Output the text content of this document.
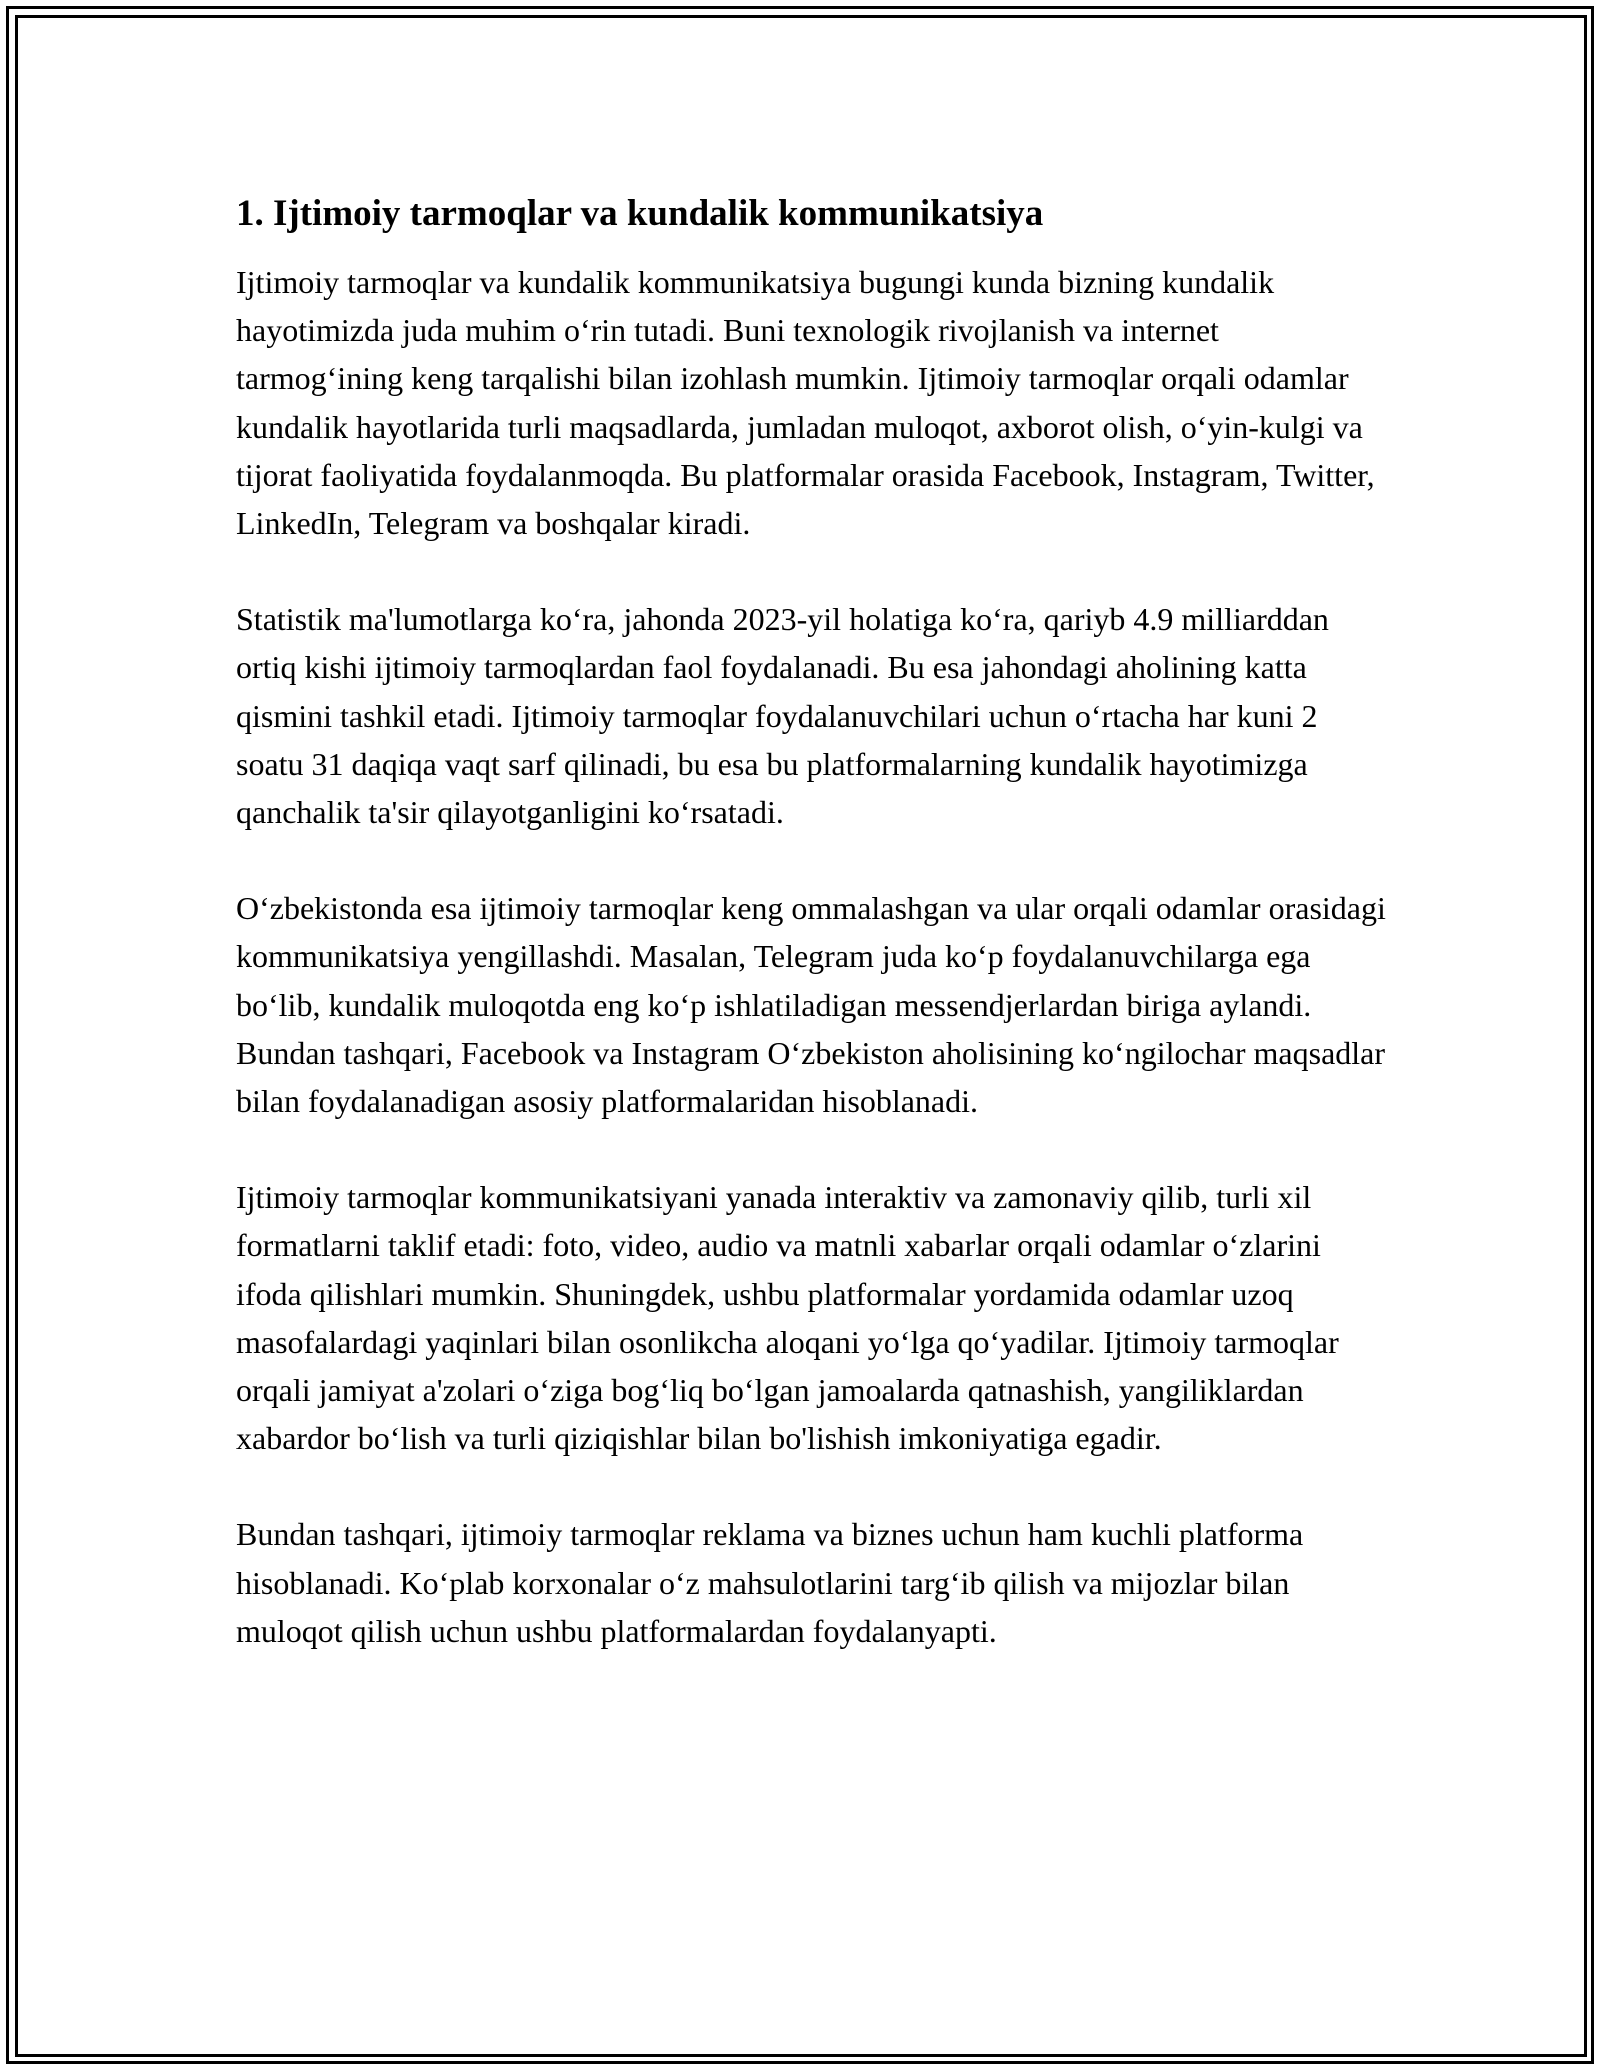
1. Ijtimoiy tarmoqlar va kundalik kommunikatsiya

Ijtimoiy tarmoqlar va kundalik kommunikatsiya bugungi kunda bizning kundalik hayotimizda juda muhim oʻrin tutadi. Buni texnologik rivojlanish va internet tarmogʻining keng tarqalishi bilan izohlash mumkin. Ijtimoiy tarmoqlar orqali odamlar kundalik hayotlarida turli maqsadlarda, jumladan muloqot, axborot olish, oʻyin-kulgi va tijorat faoliyatida foydalanmoqda. Bu platformalar orasida Facebook, Instagram, Twitter, LinkedIn, Telegram va boshqalar kiradi.

Statistik ma'lumotlarga koʻra, jahonda 2023-yil holatiga koʻra, qariyb 4.9 milliarddan ortiq kishi ijtimoiy tarmoqlardan faol foydalanadi. Bu esa jahondagi aholining katta qismini tashkil etadi. Ijtimoiy tarmoqlar foydalanuvchilari uchun oʻrtacha har kuni 2 soatu 31 daqiqa vaqt sarf qilinadi, bu esa bu platformalarning kundalik hayotimizga qanchalik ta'sir qilayotganligini koʻrsatadi.

Oʻzbekistonda esa ijtimoiy tarmoqlar keng ommalashgan va ular orqali odamlar orasidagi kommunikatsiya yengillashdi. Masalan, Telegram juda koʻp foydalanuvchilarga ega boʻlib, kundalik muloqotda eng koʻp ishlatiladigan messendjerlardan biriga aylandi. Bundan tashqari, Facebook va Instagram Oʻzbekiston aholisining koʻngilochar maqsadlar bilan foydalanadigan asosiy platformalaridan hisoblanadi.

Ijtimoiy tarmoqlar kommunikatsiyani yanada interaktiv va zamonaviy qilib, turli xil formatlarni taklif etadi: foto, video, audio va matnli xabarlar orqali odamlar oʻzlarini ifoda qilishlari mumkin. Shuningdek, ushbu platformalar yordamida odamlar uzoq masofalardagi yaqinlari bilan osonlikcha aloqani yoʻlga qoʻyadilar. Ijtimoiy tarmoqlar orqali jamiyat a'zolari oʻziga bogʻliq boʻlgan jamoalarda qatnashish, yangiliklardan xabardor boʻlish va turli qiziqishlar bilan bo'lishish imkoniyatiga egadir.

Bundan tashqari, ijtimoiy tarmoqlar reklama va biznes uchun ham kuchli platforma hisoblanadi. Koʻplab korxonalar oʻz mahsulotlarini targʻib qilish va mijozlar bilan muloqot qilish uchun ushbu platformalardan foydalanyapti.
